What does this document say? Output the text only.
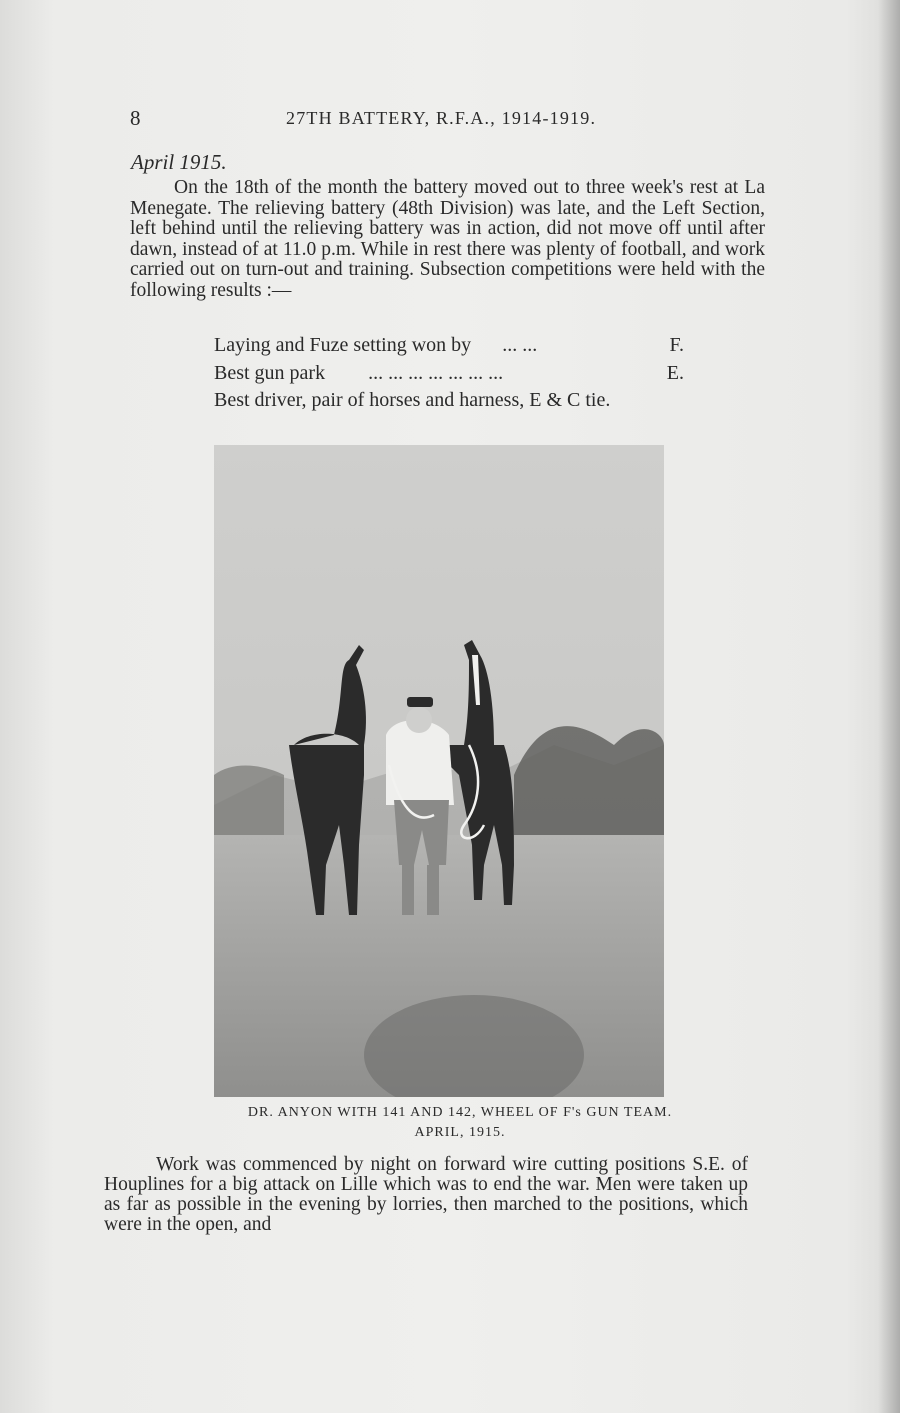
8	27TH BATTERY, R.F.A., 1914-1919.
April 1915.

On the 18th of the month the battery moved out to three week's rest at La Menegate. The relieving battery (48th Division) was late, and the Left Section, left behind until the relieving battery was in action, did not move off until after dawn, instead of at 11.0 p.m. While in rest there was plenty of football, and work carried out on turn-out and training. Subsection competitions were held with the following results :—

Laying and Fuze setting won by ... ...	F.
Best gun park ... ... ... ... ... ... ...	E.
Best driver, pair of horses and harness, E & C tie.
DR. ANYON WITH 141 AND 142, WHEEL OF F's GUN TEAM.
APRIL, 1915.

Work was commenced by night on forward wire cutting positions S.E. of Houplines for a big attack on Lille which was to end the war. Men were taken up as far as possible in the evening by lorries, then marched to the positions, which were in the open, and
